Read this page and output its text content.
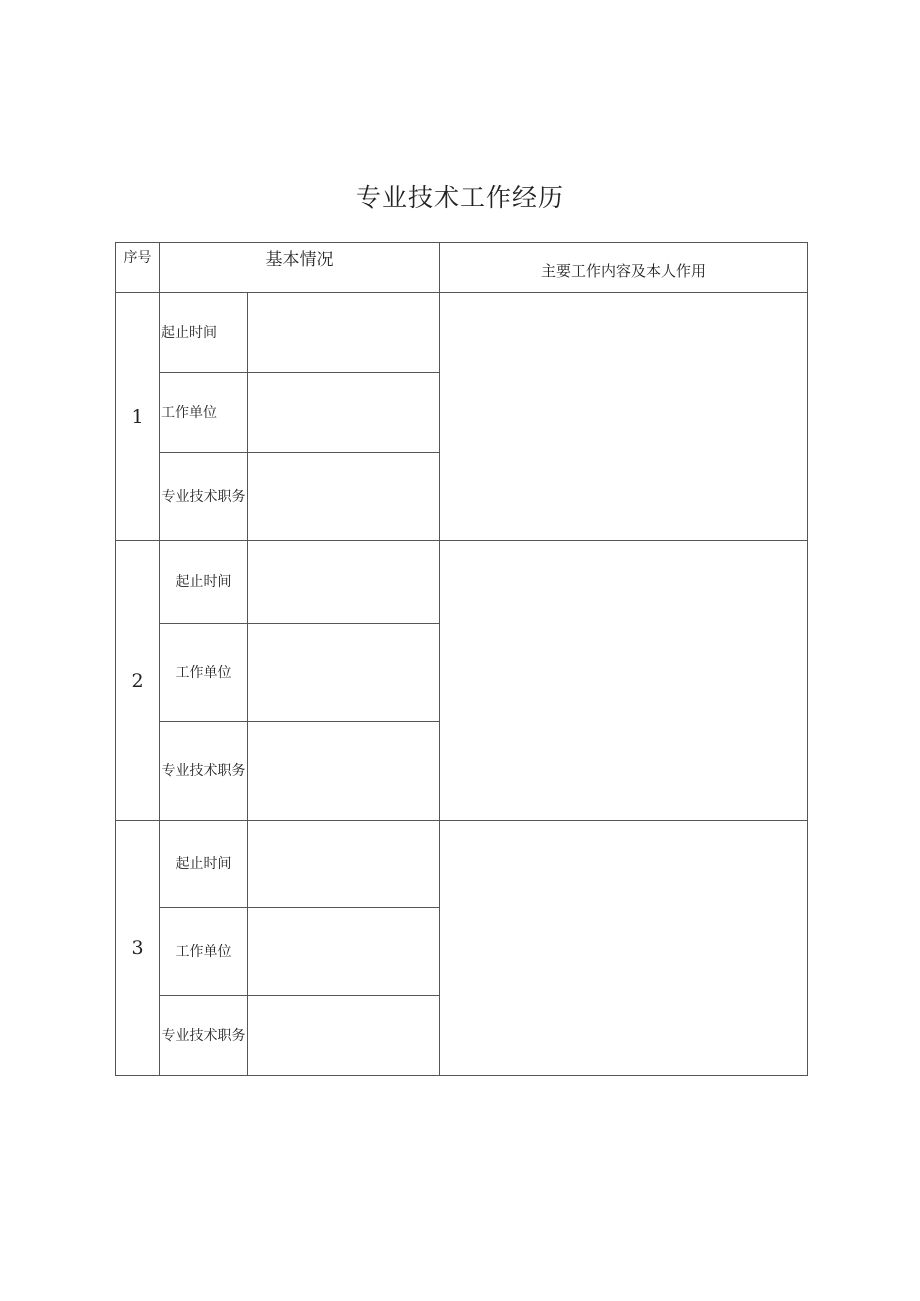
专业技术工作经历
序号	基本情况		主要工作内容及本人作用
1	起止时间		
	工作单位		
	专业技术职务		
2	起止时间		
	工作单位		
	专业技术职务		
3	起止时间		
	工作单位		
	专业技术职务		
